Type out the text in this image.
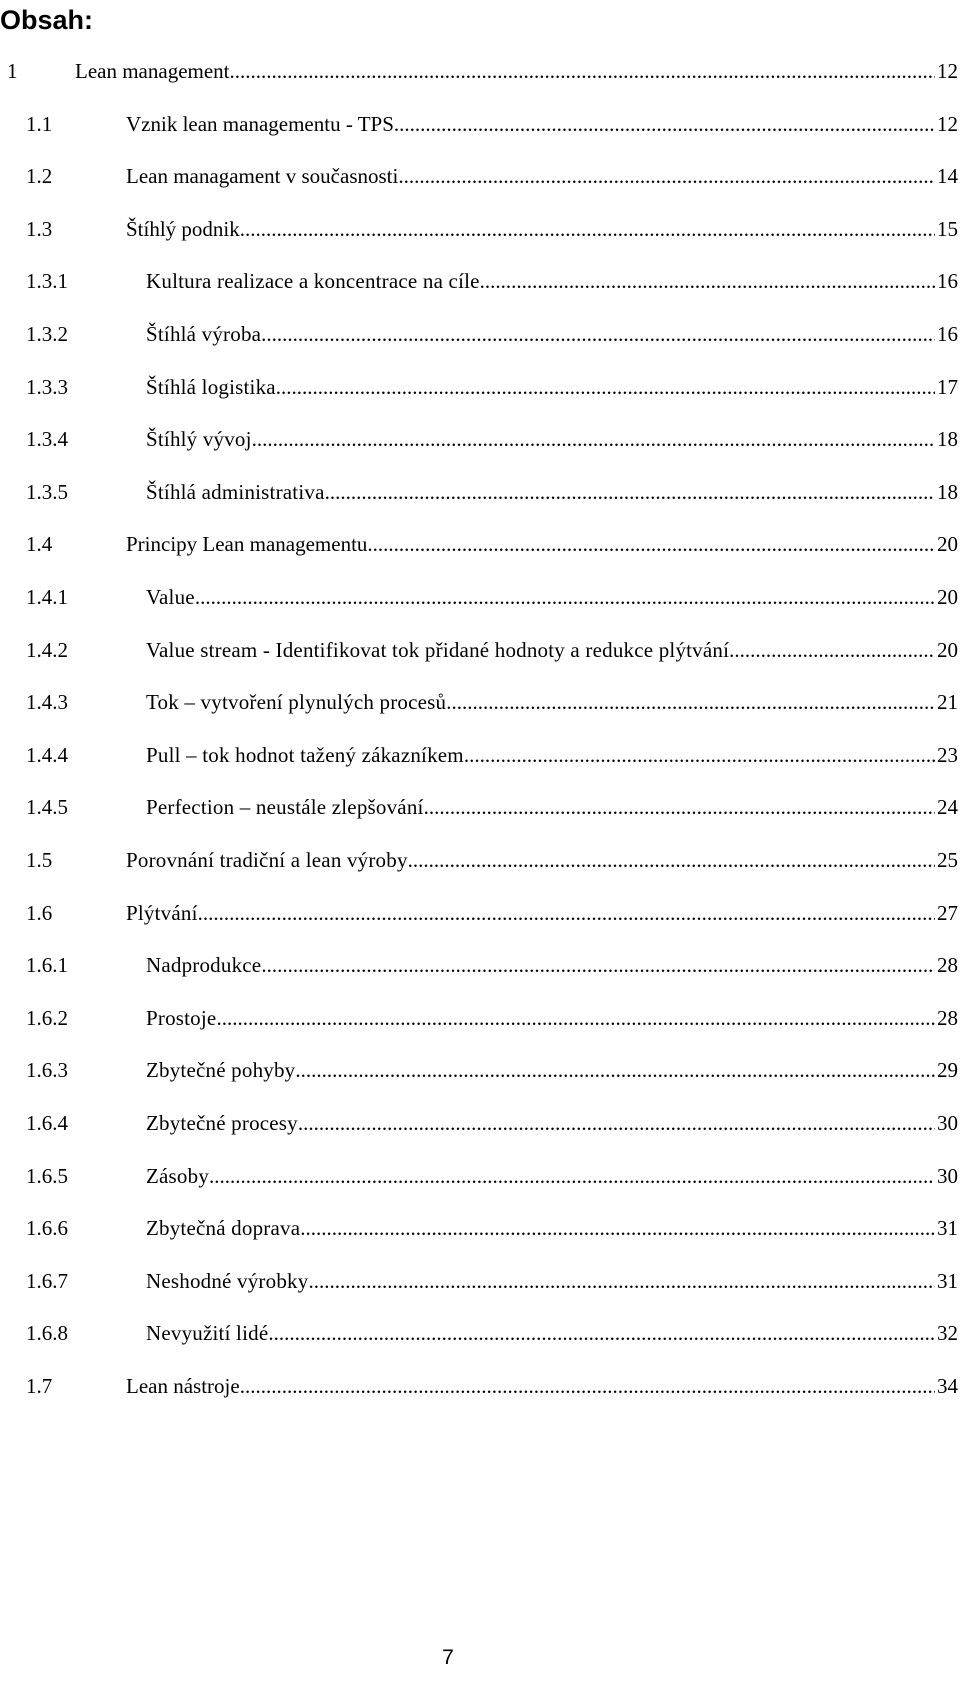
Obsah:
1	Lean management .....	12
1.1	Vznik lean managementu - TPS .....	12
1.2	Lean managament v současnosti .....	14
1.3	Štíhlý podnik .....	15
1.3.1	Kultura realizace a koncentrace na cíle .....	16
1.3.2	Štíhlá výroba .....	16
1.3.3	Štíhlá logistika .....	17
1.3.4	Štíhlý vývoj .....	18
1.3.5	Štíhlá administrativa .....	18
1.4	Principy Lean managementu .....	20
1.4.1	Value .....	20
1.4.2	Value stream - Identifikovat tok přidané hodnoty a redukce plýtvání .....	20
1.4.3	Tok – vytvoření plynulých procesů .....	21
1.4.4	Pull – tok hodnot tažený zákazníkem .....	23
1.4.5	Perfection – neustále zlepšování .....	24
1.5	Porovnání tradiční a lean výroby .....	25
1.6	Plýtvání .....	27
1.6.1	Nadprodukce .....	28
1.6.2	Prostoje .....	28
1.6.3	Zbytečné pohyby .....	29
1.6.4	Zbytečné procesy .....	30
1.6.5	Zásoby .....	30
1.6.6	Zbytečná doprava .....	31
1.6.7	Neshodné výrobky .....	31
1.6.8	Nevyužití lidé .....	32
1.7	Lean nástroje .....	34
7
